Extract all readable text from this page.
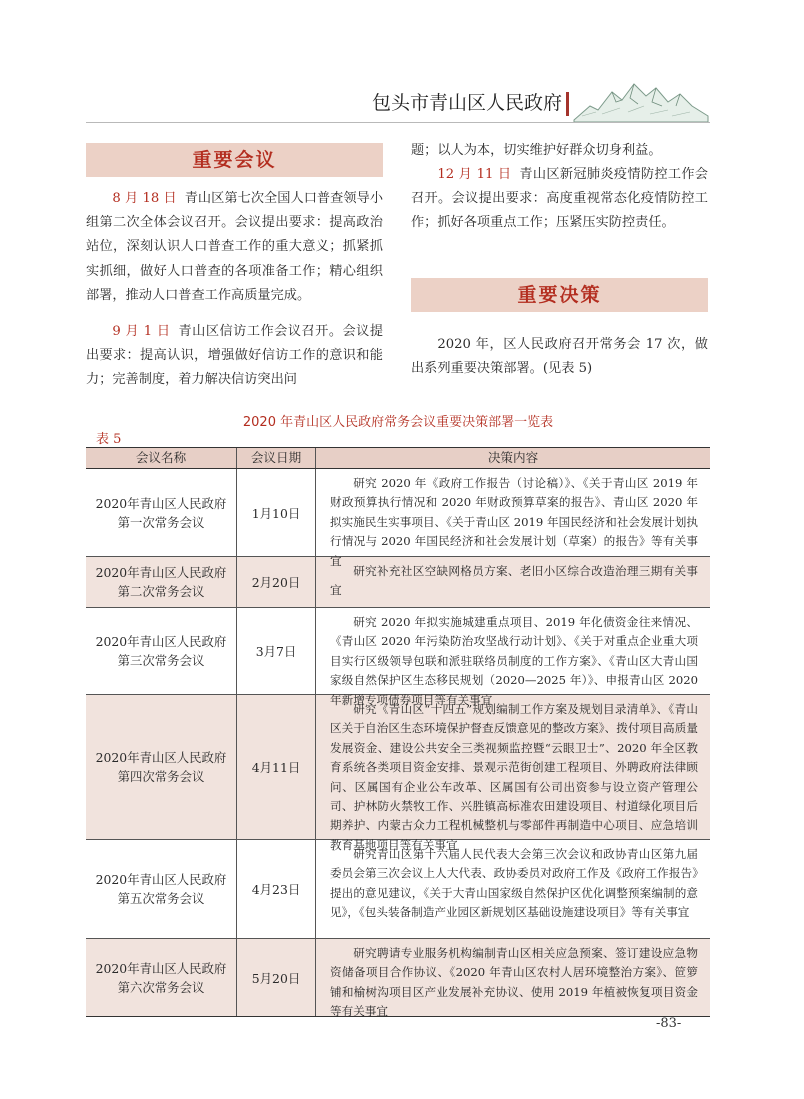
包头市青山区人民政府
重要会议

8 月 18 日 青山区第七次全国人口普查领导小组第二次全体会议召开。会议提出要求：提高政治站位，深刻认识人口普查工作的重大意义；抓紧抓实抓细，做好人口普查的各项准备工作；精心组织部署，推动人口普查工作高质量完成。

9 月 1 日 青山区信访工作会议召开。会议提出要求：提高认识，增强做好信访工作的意识和能力；完善制度，着力解决信访突出问

题；以人为本，切实维护好群众切身利益。

12 月 11 日 青山区新冠肺炎疫情防控工作会召开。会议提出要求：高度重视常态化疫情防控工作；抓好各项重点工作；压紧压实防控责任。

重要决策

2020 年，区人民政府召开常务会 17 次，做出系列重要决策部署。(见表 5)

2020 年青山区人民政府常务会议重要决策部署一览表
表 5
会议名称	会议日期	决策内容
2020年青山区人民政府第一次常务会议
1月10日
研究 2020 年《政府工作报告（讨论稿）》、《关于青山区 2019 年财政预算执行情况和 2020 年财政预算草案的报告》、青山区 2020 年拟实施民生实事项目、《关于青山区 2019 年国民经济和社会发展计划执行情况与 2020 年国民经济和社会发展计划（草案）的报告》等有关事宜
2020年青山区人民政府第二次常务会议
2月20日
研究补充社区空缺网格员方案、老旧小区综合改造治理三期有关事宜
2020年青山区人民政府第三次常务会议
3月7日
研究 2020 年拟实施城建重点项目、2019 年化债资金往来情况、《青山区 2020 年污染防治攻坚战行动计划》、《关于对重点企业重大项目实行区级领导包联和派驻联络员制度的工作方案》、《青山区大青山国家级自然保护区生态移民规划（2020—2025 年）》、申报青山区 2020 年新增专项债券项目等有关事宜
2020年青山区人民政府第四次常务会议
4月11日
研究《青山区“十四五”规划编制工作方案及规划目录清单》、《青山区关于自治区生态环境保护督查反馈意见的整改方案》、拨付项目高质量发展资金、建设公共安全三类视频监控暨“云眼卫士”、2020 年全区教育系统各类项目资金安排、景观示范街创建工程项目、外聘政府法律顾问、区属国有企业公车改革、区属国有公司出资参与设立资产管理公司、护林防火禁牧工作、兴胜镇高标准农田建设项目、村道绿化项目后期养护、内蒙古众力工程机械整机与零部件再制造中心项目、应急培训教育基地项目等有关事宜
2020年青山区人民政府第五次常务会议
4月23日
研究青山区第十六届人民代表大会第三次会议和政协青山区第九届委员会第三次会议上人大代表、政协委员对政府工作及《政府工作报告》提出的意见建议，《关于大青山国家级自然保护区优化调整预案编制的意见》，《包头装备制造产业园区新规划区基础设施建设项目》等有关事宜
2020年青山区人民政府第六次常务会议
5月20日
研究聘请专业服务机构编制青山区相关应急预案、签订建设应急物资储备项目合作协议、《2020 年青山区农村人居环境整治方案》、笸箩铺和榆树沟项目区产业发展补充协议、使用 2019 年植被恢复项目资金等有关事宜
-83-
